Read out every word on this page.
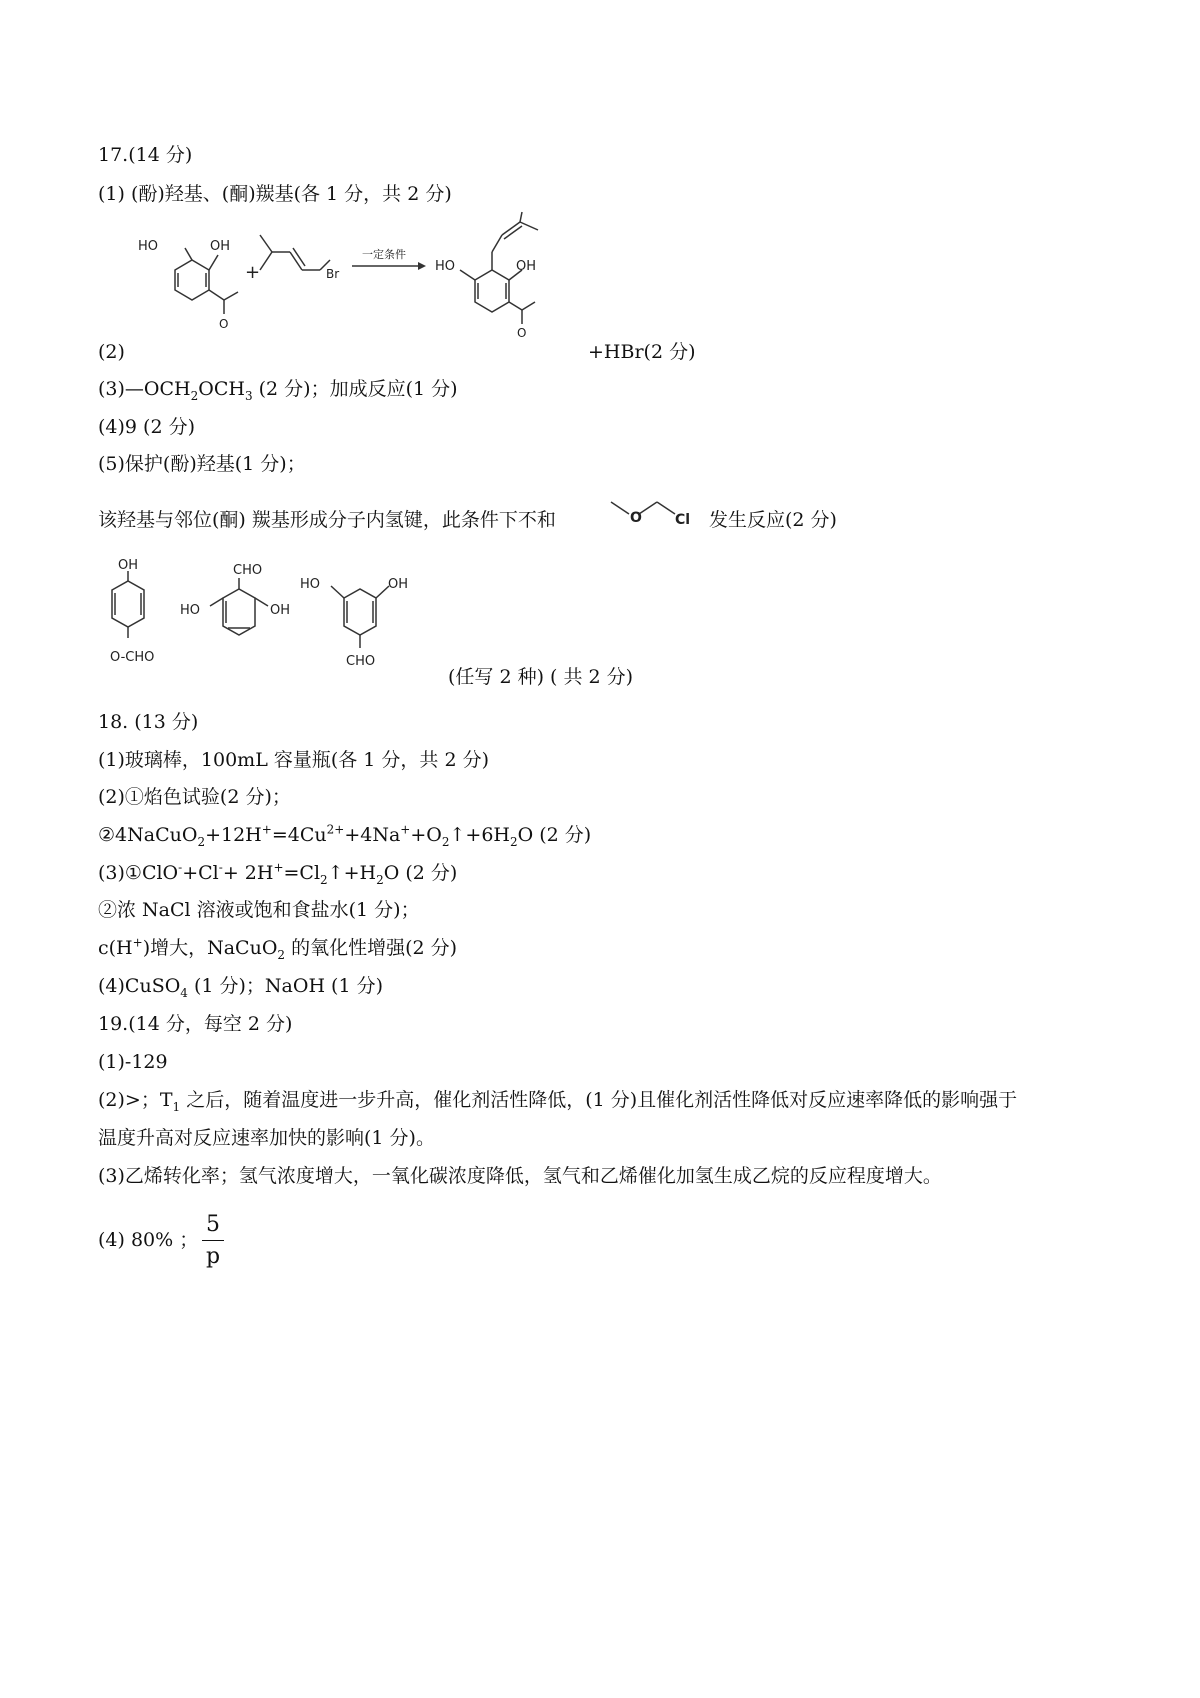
17.(14 分)
(1) (酚)羟基、(酮)羰基(各 1 分，共 2 分)
HO	OH
O
+	Br
一定条件
HO	OH
O
(2)	+HBr(2 分)
$(3)—OCH_2OCH_3$ (2 分)；加成反应(1 分)
(4)9 (2 分)
(5)保护(酚)羟基(1 分)；
该羟基与邻位(酮) 羰基形成分子内氢键，此条件下不和	O Cl 发生反应(2 分)
OH
O-CHO
CHO
HO	OH
HO	OH
CHO
(任写 2 种) ( 共 2 分)
18. (13 分)
(1)玻璃棒，100mL 容量瓶(各 1 分，共 2 分)
(2)①焰色试验(2 分)；
$②4NaCuO_2+12H^+=4Cu^{2+}+4Na^++O_2↑+6H_2O$ (2 分)
(3)①ClO-+Cl-+ $2H^+=Cl_2↑+H_2O$ (2 分)
②浓 NaCl 溶液或饱和食盐水(1 分)；
c(H+)增大，NaCuO$_2$ 的氧化性增强(2 分)
(4)CuSO$_4$ (1 分)；NaOH (1 分)
19.(14 分，每空 2 分)
(1)-129
(2)>；$T_1$ 之后，随着温度进一步升高，催化剂活性降低，(1 分)且催化剂活性降低对反应速率降低的影响强于
温度升高对反应速率加快的影响(1 分)。
(3)乙烯转化率；氢气浓度增大，一氧化碳浓度降低，氢气和乙烯催化加氢生成乙烷的反应程度增大。
(4) 80% ；
5
p
